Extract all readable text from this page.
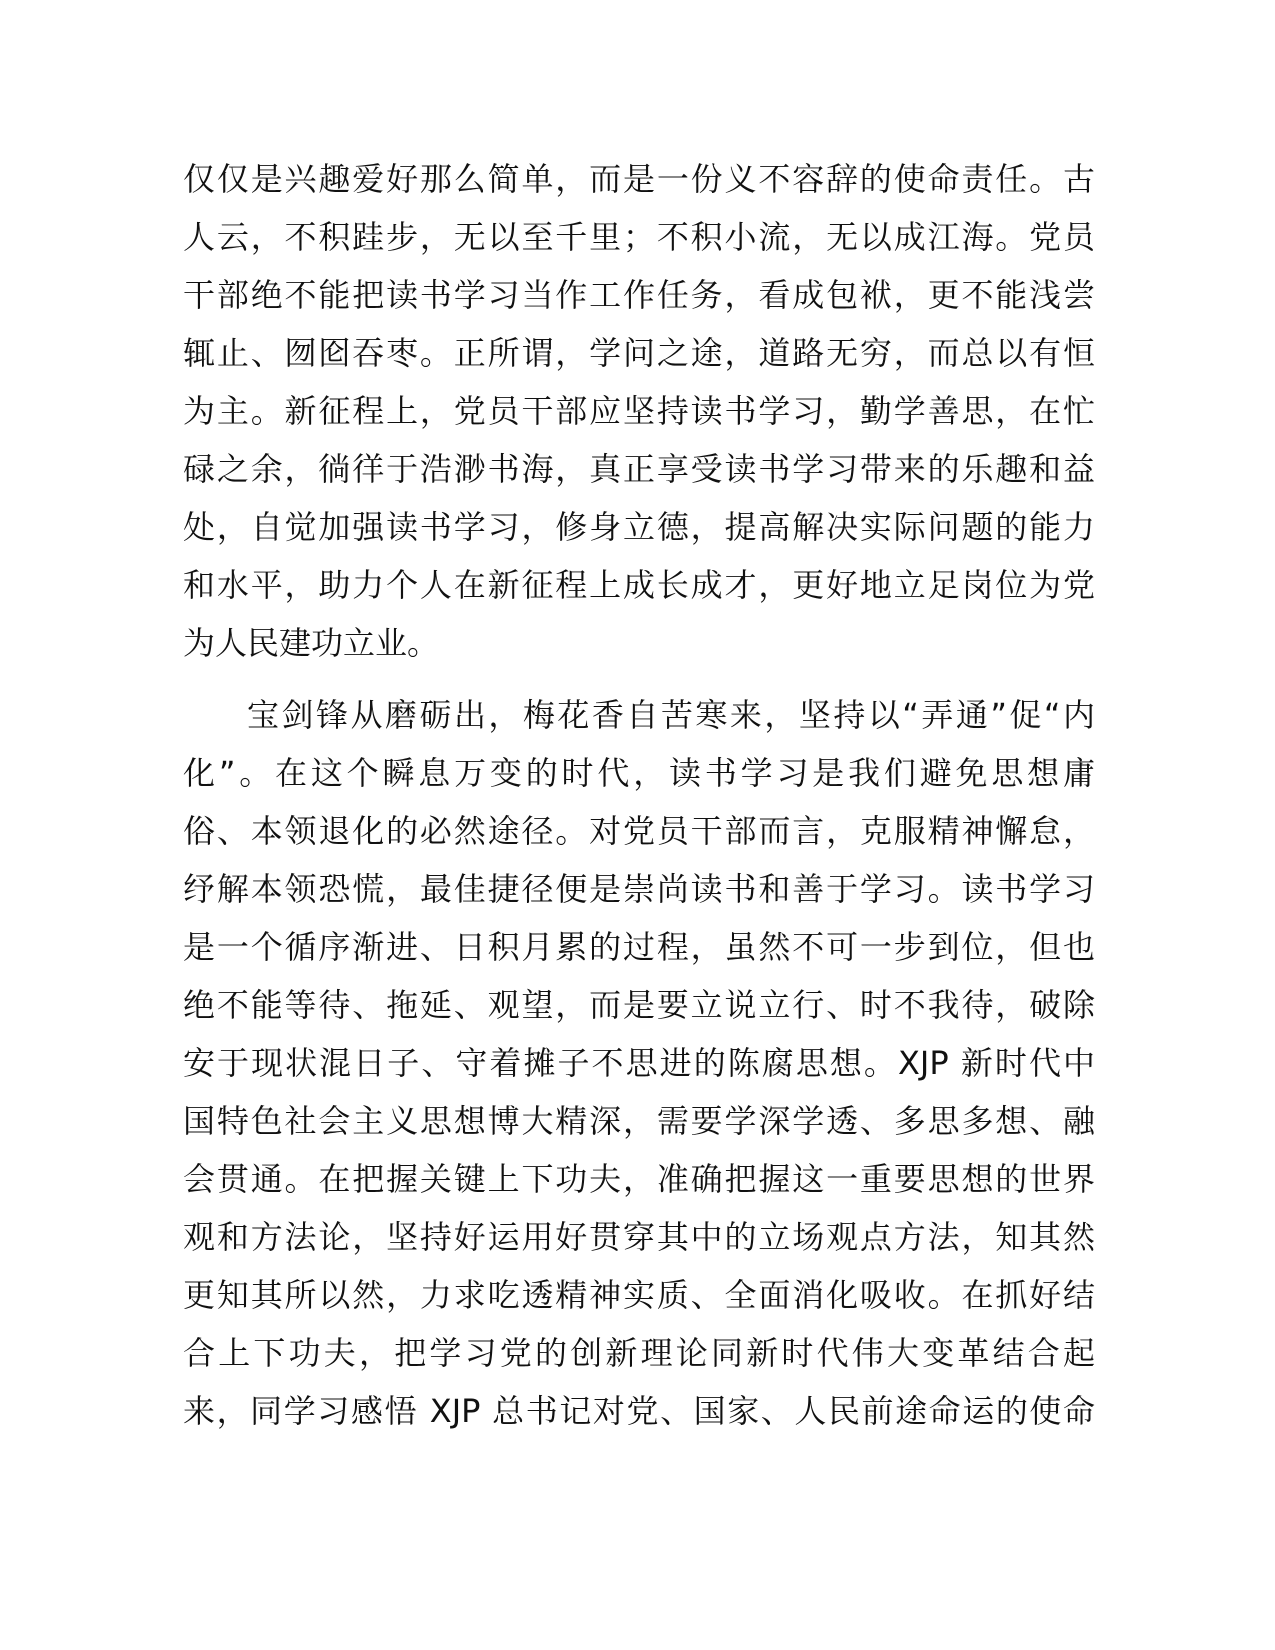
仅仅是兴趣爱好那么简单，而是一份义不容辞的使命责任。古
人云，不积跬步，无以至千里；不积小流，无以成江海。党员
干部绝不能把读书学习当作工作任务，看成包袱，更不能浅尝
辄止、囫囵吞枣。正所谓，学问之途，道路无穷，而总以有恒
为主。新征程上，党员干部应坚持读书学习，勤学善思，在忙
碌之余，徜徉于浩渺书海，真正享受读书学习带来的乐趣和益
处，自觉加强读书学习，修身立德，提高解决实际问题的能力
和水平，助力个人在新征程上成长成才，更好地立足岗位为党
为人民建功立业。
宝剑锋从磨砺出，梅花香自苦寒来，坚持以“弄通”促“内
化”。在这个瞬息万变的时代，读书学习是我们避免思想庸
俗、本领退化的必然途径。对党员干部而言，克服精神懈怠，
纾解本领恐慌，最佳捷径便是崇尚读书和善于学习。读书学习
是一个循序渐进、日积月累的过程，虽然不可一步到位，但也
绝不能等待、拖延、观望，而是要立说立行、时不我待，破除
安于现状混日子、守着摊子不思进的陈腐思想。XJP 新时代中
国特色社会主义思想博大精深，需要学深学透、多思多想、融
会贯通。在把握关键上下功夫，准确把握这一重要思想的世界
观和方法论，坚持好运用好贯穿其中的立场观点方法，知其然
更知其所以然，力求吃透精神实质、全面消化吸收。在抓好结
合上下功夫，把学习党的创新理论同新时代伟大变革结合起
来，同学习感悟 XJP 总书记对党、国家、人民前途命运的使命
